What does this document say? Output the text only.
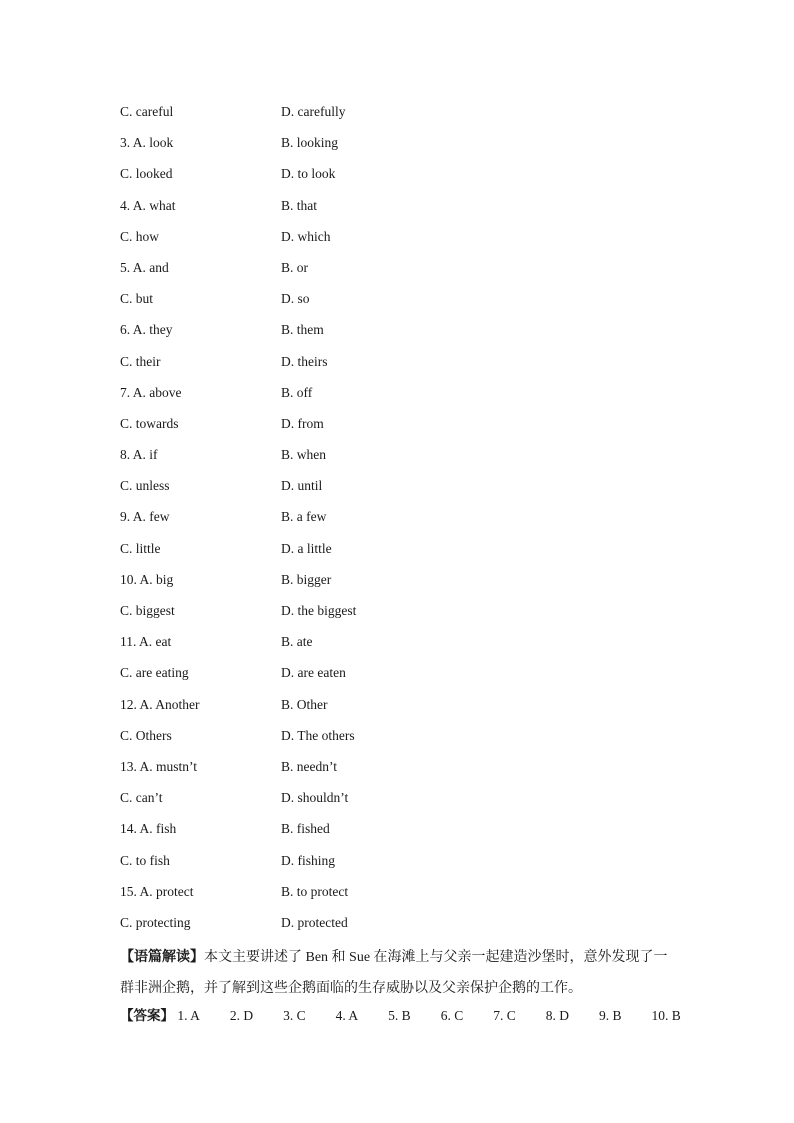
C. careful	D. carefully
3. A. look	B. looking
C. looked	D. to look
4. A. what	B. that
C. how	D. which
5. A. and	B. or
C. but	D. so
6. A. they	B. them
C. their	D. theirs
7. A. above	B. off
C. towards	D. from
8. A. if	B. when
C. unless	D. until
9. A. few	B. a few
C. little	D. a little
10. A. big	B. bigger
C. biggest	D. the biggest
11. A. eat	B. ate
C. are eating	D. are eaten
12. A. Another	B. Other
C. Others	D. The others
13. A. mustn’t	B. needn’t
C. can’t	D. shouldn’t
14. A. fish	B. fished
C. to fish	D. fishing
15. A. protect	B. to protect
C. protecting	D. protected
【语篇解读】本文主要讲述了 Ben 和 Sue 在海滩上与父亲一起建造沙堡时，意外发现了一群非洲企鹅，并了解到这些企鹅面临的生存威胁以及父亲保护企鹅的工作。
【答案】 1. A 2. D 3. C 4. A 5. B 6. C 7. C 8. D 9. B 10. B
